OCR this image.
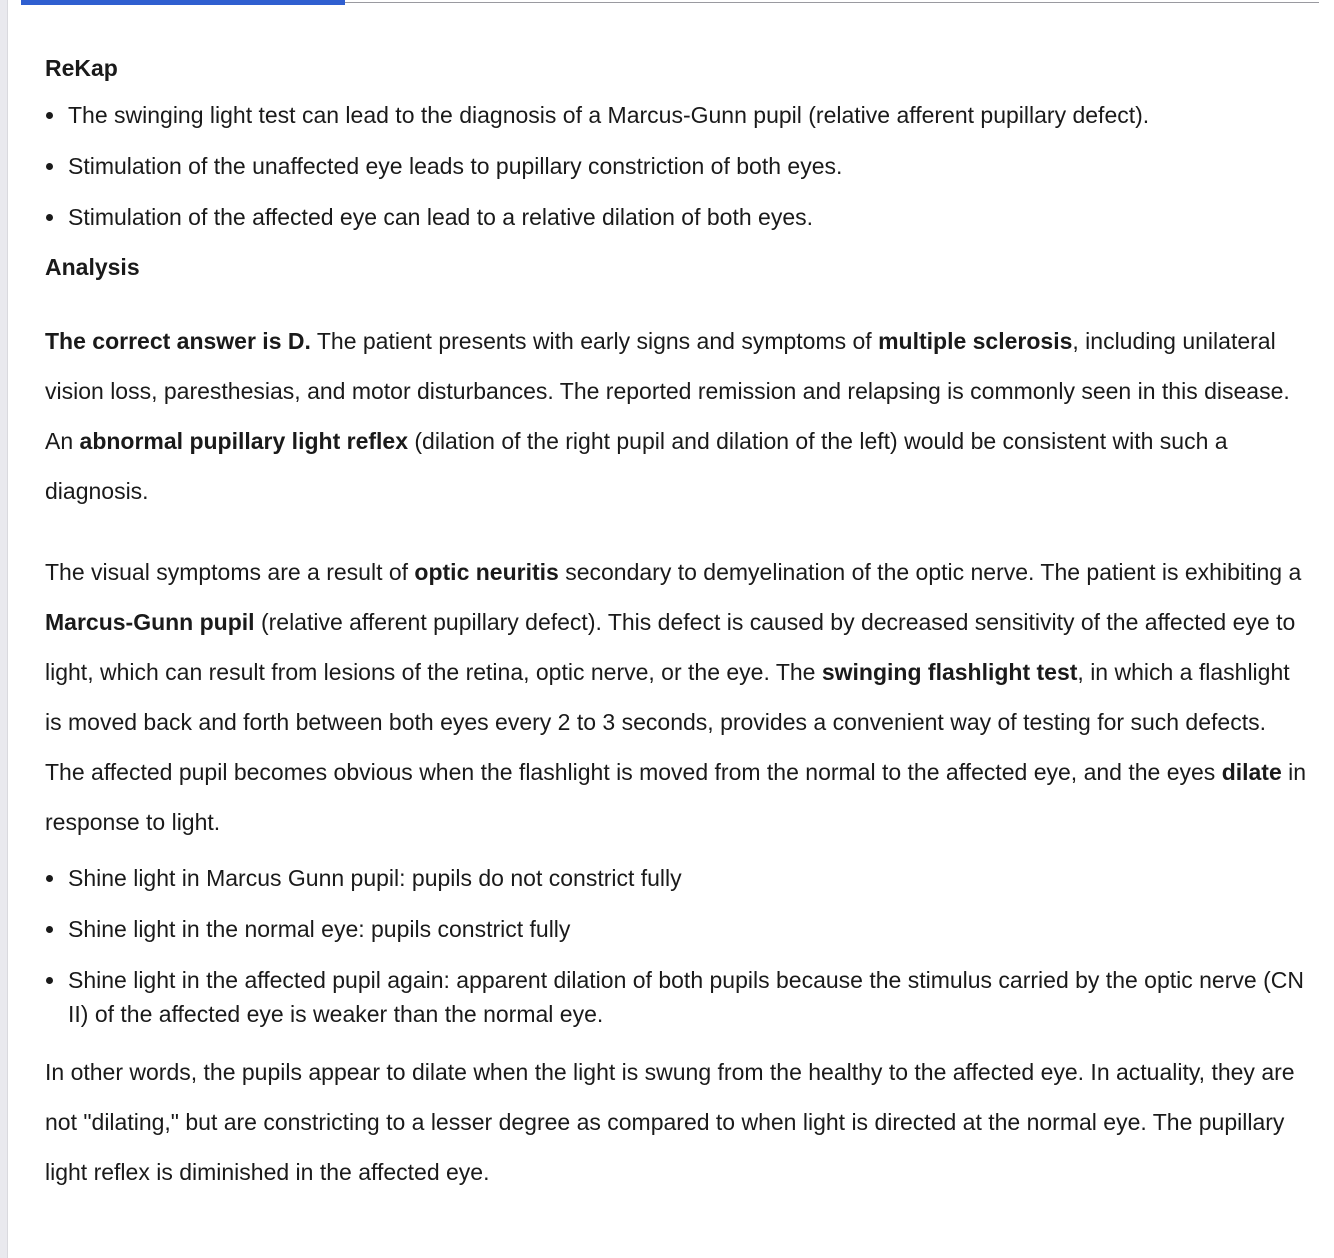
ReKap
The swinging light test can lead to the diagnosis of a Marcus-Gunn pupil (relative afferent pupillary defect).
Stimulation of the unaffected eye leads to pupillary constriction of both eyes.
Stimulation of the affected eye can lead to a relative dilation of both eyes.
Analysis

The correct answer is D. The patient presents with early signs and symptoms of multiple sclerosis, including unilateral vision loss, paresthesias, and motor disturbances. The reported remission and relapsing is commonly seen in this disease. An abnormal pupillary light reflex (dilation of the right pupil and dilation of the left) would be consistent with such a diagnosis.

The visual symptoms are a result of optic neuritis secondary to demyelination of the optic nerve. The patient is exhibiting a Marcus-Gunn pupil (relative afferent pupillary defect). This defect is caused by decreased sensitivity of the affected eye to light, which can result from lesions of the retina, optic nerve, or the eye. The swinging flashlight test, in which a flashlight is moved back and forth between both eyes every 2 to 3 seconds, provides a convenient way of testing for such defects. The affected pupil becomes obvious when the flashlight is moved from the normal to the affected eye, and the eyes dilate in response to light.

Shine light in Marcus Gunn pupil: pupils do not constrict fully
Shine light in the normal eye: pupils constrict fully
Shine light in the affected pupil again: apparent dilation of both pupils because the stimulus carried by the optic nerve (CN II) of the affected eye is weaker than the normal eye.

In other words, the pupils appear to dilate when the light is swung from the healthy to the affected eye. In actuality, they are not "dilating," but are constricting to a lesser degree as compared to when light is directed at the normal eye. The pupillary light reflex is diminished in the affected eye.
